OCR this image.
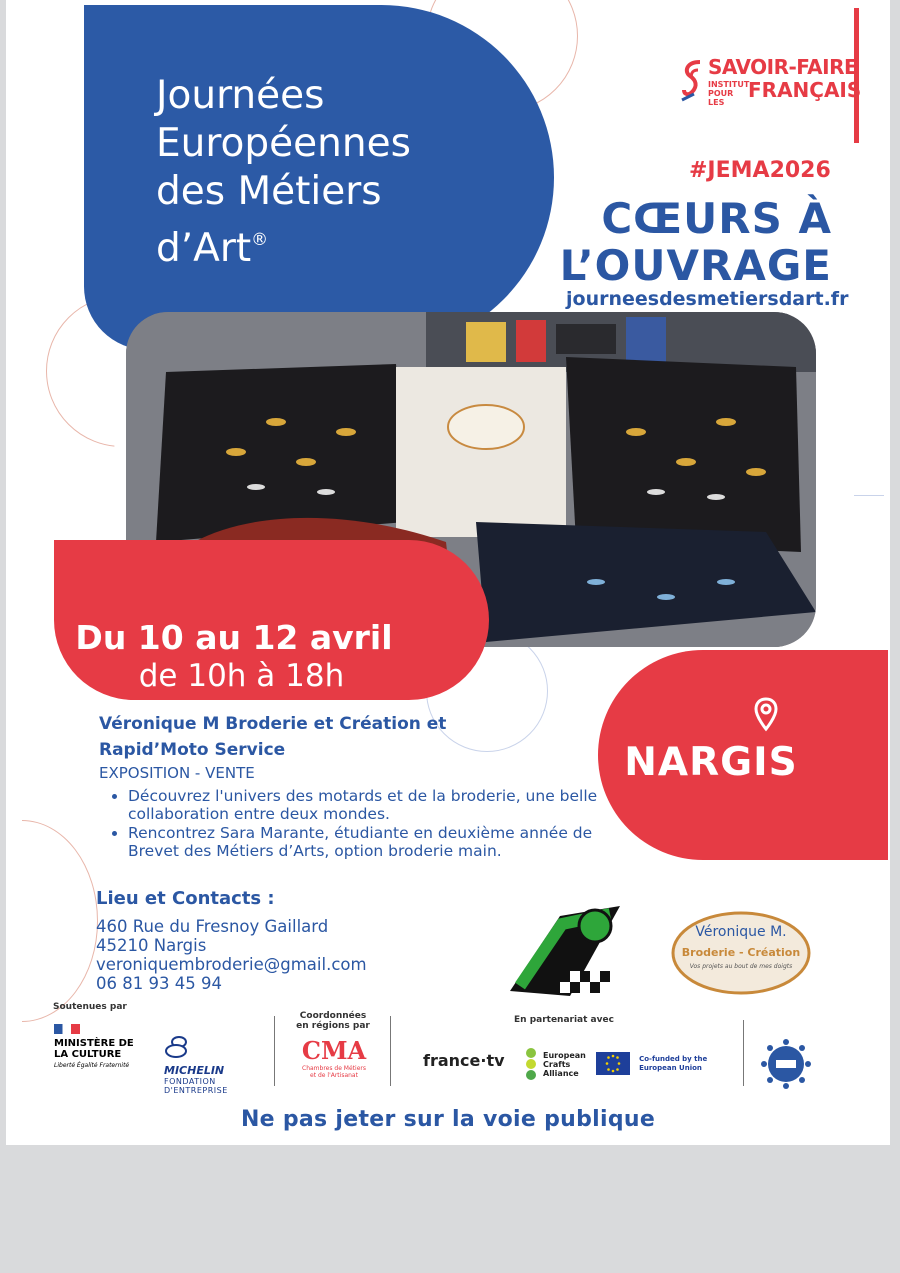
Journées
Européennes
des Métiers
d’Art®
SAVOIR-FAIRE
INSTITUT POUR LES
FRANÇAIS
#JEMA2026
CŒURS À
L’OUVRAGE
journeesdesmetiersdart.fr
Du 10 au 12 avril
de 10h à 18h
NARGIS
Véronique M Broderie et Création et
Rapid’Moto Service
EXPOSITION - VENTE
• Découvrez l'univers des motards et de la broderie, une belle collaboration entre deux mondes.
• Rencontrez Sara Marante, étudiante en deuxième année de Brevet des Métiers d’Arts, option broderie main.
Lieu et Contacts :
460 Rue du Fresnoy Gaillard
45210 Nargis
veroniquembroderie@gmail.com
06 81 93 45 94
Véronique M.
Broderie - Création
Vos projets au bout de mes doigts
Soutenues par
Coordonnées en régions par
En partenariat avec
MINISTÈRE DE LA CULTURE
Liberté Égalité Fraternité	MICHELIN
FONDATION D'ENTREPRISE
CMA
Chambres de Métiers et de l'Artisanat
france·tv	European Crafts Alliance
Co-funded by the European Union
Ne pas jeter sur la voie publique
